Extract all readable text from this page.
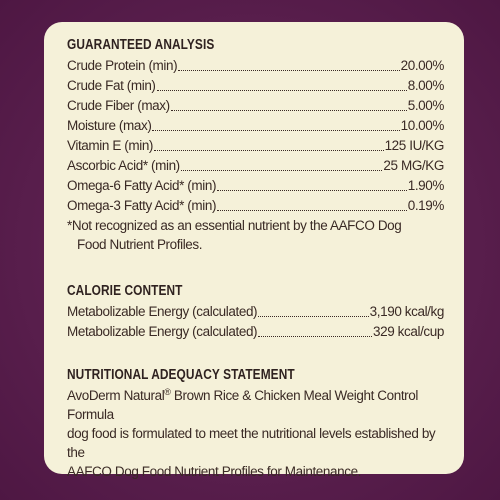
GUARANTEED ANALYSIS
Crude Protein (min)	20.00%
Crude Fat (min)	8.00%
Crude Fiber (max)	5.00%
Moisture (max)	10.00%
Vitamin E (min)	125 IU/KG
Ascorbic Acid* (min)	25 MG/KG
Omega-6 Fatty Acid* (min)	1.90%
Omega-3 Fatty Acid* (min)	0.19%
*Not recognized as an essential nutrient by the AAFCO Dog
Food Nutrient Profiles.
CALORIE CONTENT
Metabolizable Energy (calculated)	3,190 kcal/kg
Metabolizable Energy (calculated)	329 kcal/cup
NUTRITIONAL ADEQUACY STATEMENT
AvoDerm Natural® Brown Rice & Chicken Meal Weight Control Formula
dog food is formulated to meet the nutritional levels established by the
AAFCO Dog Food Nutrient Profiles for Maintenance.
